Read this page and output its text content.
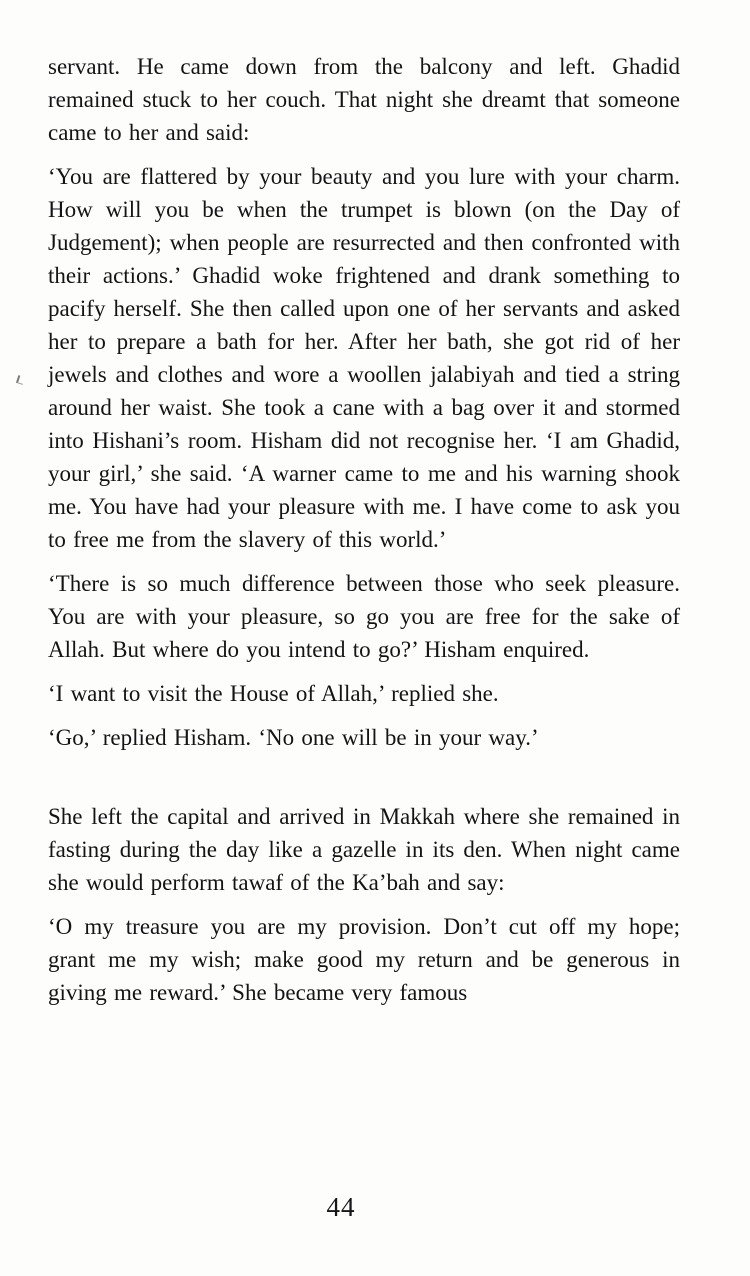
servant. He came down from the balcony and left. Ghadid remained stuck to her couch. That night she dreamt that someone came to her and said:

‘You are flattered by your beauty and you lure with your charm. How will you be when the trumpet is blown (on the Day of Judgement); when people are resurrected and then confronted with their actions.’ Ghadid woke frightened and drank something to pacify herself. She then called upon one of her servants and asked her to prepare a bath for her. After her bath, she got rid of her jewels and clothes and wore a woollen jalabiyah and tied a string around her waist. She took a cane with a bag over it and stormed into Hishani’s room. Hisham did not recognise her. ‘I am Ghadid, your girl,’ she said. ‘A warner came to me and his warning shook me. You have had your pleasure with me. I have come to ask you to free me from the slavery of this world.’

‘There is so much difference between those who seek pleasure. You are with your pleasure, so go you are free for the sake of Allah. But where do you intend to go?’ Hisham enquired.

‘I want to visit the House of Allah,’ replied she.

‘Go,’ replied Hisham. ‘No one will be in your way.’

She left the capital and arrived in Makkah where she remained in fasting during the day like a gazelle in its den. When night came she would perform tawaf of the Ka’bah and say:

‘O my treasure you are my provision. Don’t cut off my hope; grant me my wish; make good my return and be generous in giving me reward.’ She became very famous

44
